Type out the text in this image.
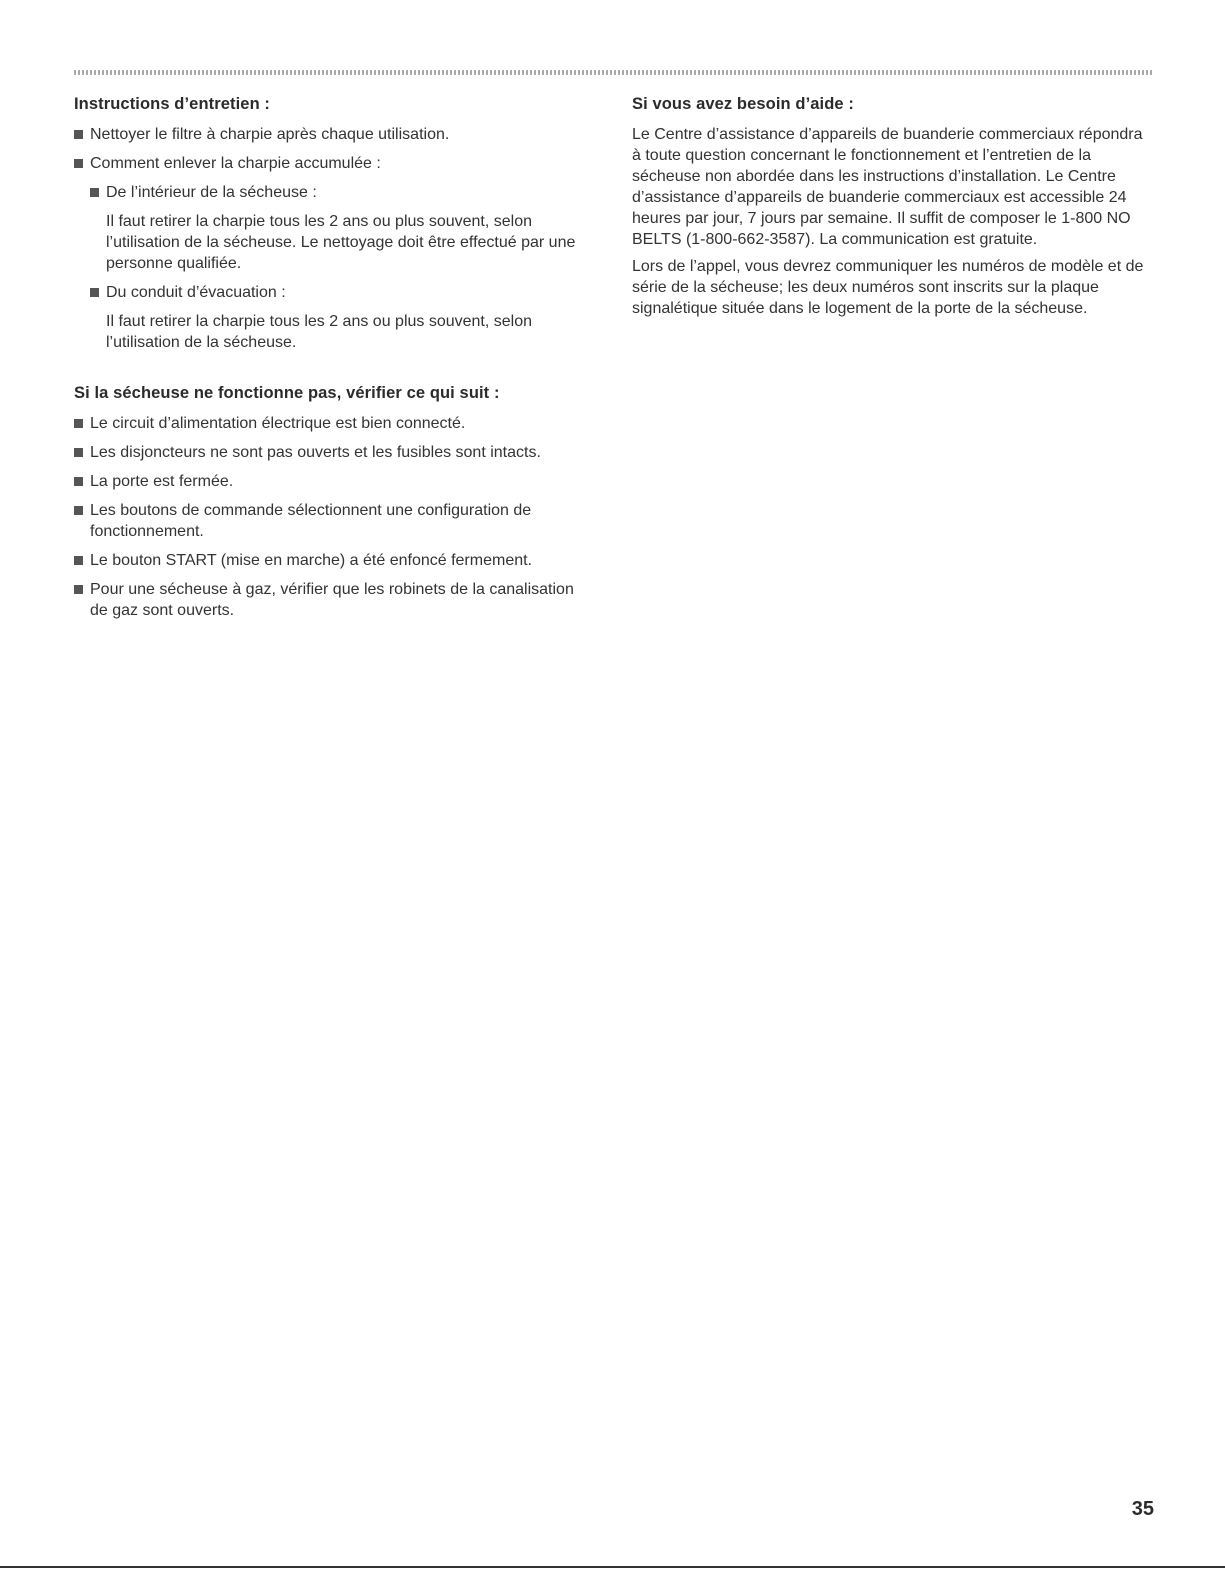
Instructions d’entretien :
Nettoyer le filtre à charpie après chaque utilisation.
Comment enlever la charpie accumulée :
De l’intérieur de la sécheuse :
Il faut retirer la charpie tous les 2 ans ou plus souvent, selon l’utilisation de la sécheuse. Le nettoyage doit être effectué par une personne qualifiée.
Du conduit d’évacuation :
Il faut retirer la charpie tous les 2 ans ou plus souvent, selon l’utilisation de la sécheuse.
Si la sécheuse ne fonctionne pas, vérifier ce qui suit :
Le circuit d’alimentation électrique est bien connecté.
Les disjoncteurs ne sont pas ouverts et les fusibles sont intacts.
La porte est fermée.
Les boutons de commande sélectionnent une configuration de fonctionnement.
Le bouton START (mise en marche) a été enfoncé fermement.
Pour une sécheuse à gaz, vérifier que les robinets de la canalisation de gaz sont ouverts.
Si vous avez besoin d’aide :

Le Centre d’assistance d’appareils de buanderie commerciaux répondra à toute question concernant le fonctionnement et l’entretien de la sécheuse non abordée dans les instructions d’installation. Le Centre d’assistance d’appareils de buanderie commerciaux est accessible 24 heures par jour, 7 jours par semaine. Il suffit de composer le 1-800 NO BELTS (1-800-662-3587). La communication est gratuite.

Lors de l’appel, vous devrez communiquer les numéros de modèle et de série de la sécheuse; les deux numéros sont inscrits sur la plaque signalétique située dans le logement de la porte de la sécheuse.

35
